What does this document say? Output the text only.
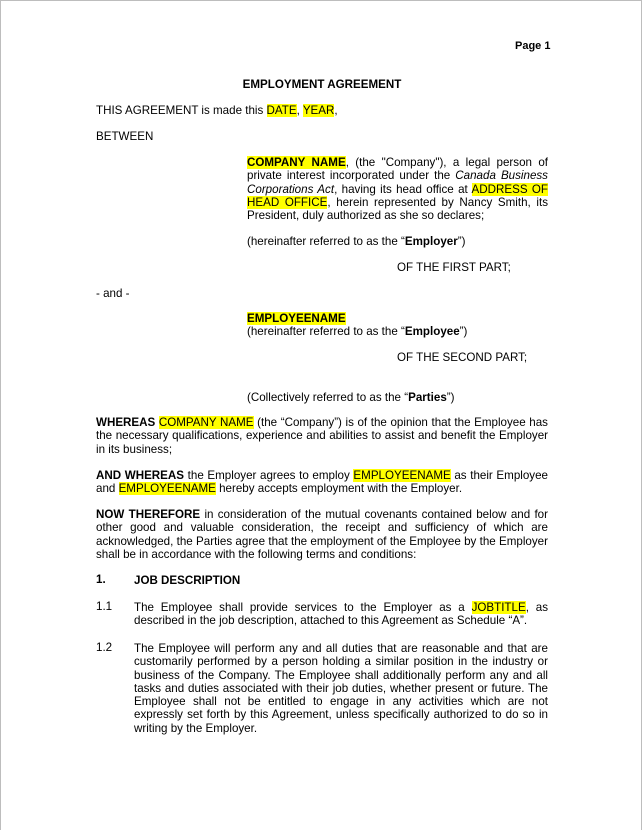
Page 1
EMPLOYMENT AGREEMENT
THIS AGREEMENT is made this DATE, YEAR,
BETWEEN
COMPANY NAME, (the "Company"), a legal person of private interest incorporated under the Canada Business Corporations Act, having its head office at ADDRESS OF HEAD OFFICE, herein represented by Nancy Smith, its President, duly authorized as she so declares;
(hereinafter referred to as the “Employer”)
OF THE FIRST PART;
- and -
EMPLOYEENAME
(hereinafter referred to as the “Employee”)
OF THE SECOND PART;
(Collectively referred to as the “Parties”)
WHEREAS COMPANY NAME (the “Company”) is of the opinion that the Employee has the necessary qualifications, experience and abilities to assist and benefit the Employer in its business;
AND WHEREAS the Employer agrees to employ EMPLOYEENAME as their Employee and EMPLOYEENAME hereby accepts employment with the Employer.
NOW THEREFORE in consideration of the mutual covenants contained below and for other good and valuable consideration, the receipt and sufficiency of which are acknowledged, the Parties agree that the employment of the Employee by the Employer shall be in accordance with the following terms and conditions:
1. JOB DESCRIPTION
1.1 The Employee shall provide services to the Employer as a JOBTITLE, as described in the job description, attached to this Agreement as Schedule “A”.
1.2 The Employee will perform any and all duties that are reasonable and that are customarily performed by a person holding a similar position in the industry or business of the Company. The Employee shall additionally perform any and all tasks and duties associated with their job duties, whether present or future. The Employee shall not be entitled to engage in any activities which are not expressly set forth by this Agreement, unless specifically authorized to do so in writing by the Employer.
